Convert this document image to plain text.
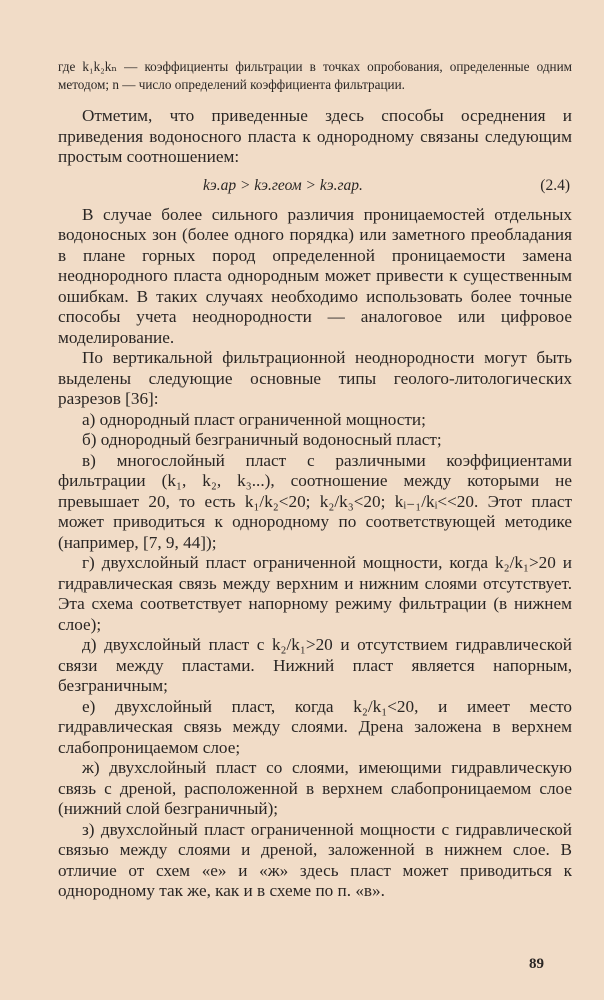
где k₁k₂kₙ — коэффициенты фильтрации в точках опробования, определенные одним методом; n — число определений коэффициента фильтрации.

Отметим, что приведенные здесь способы осреднения и приведения водоносного пласта к однородному связаны следующим простым соотношением:

kэ.ар > kэ.геом > kэ.гар.	(2.4)

В случае более сильного различия проницаемостей отдельных водоносных зон (более одного порядка) или заметного преобладания в плане горных пород определенной проницаемости замена неоднородного пласта однородным может привести к существенным ошибкам. В таких случаях необходимо использовать более точные способы учета неоднородности — аналоговое или цифровое моделирование.

По вертикальной фильтрационной неоднородности могут быть выделены следующие основные типы геолого-литологических разрезов [36]:

а) однородный пласт ограниченной мощности;

б) однородный безграничный водоносный пласт;

в) многослойный пласт с различными коэффициентами фильтрации (k₁, k₂, k₃...), соотношение между которыми не превышает 20, то есть k₁/k₂<20; k₂/k₃<20; kᵢ₋₁/kᵢ<<20. Этот пласт может приводиться к однородному по соответствующей методике (например, [7, 9, 44]);

г) двухслойный пласт ограниченной мощности, когда k₂/k₁>20 и гидравлическая связь между верхним и нижним слоями отсутствует. Эта схема соответствует напорному режиму фильтрации (в нижнем слое);

д) двухслойный пласт с k₂/k₁>20 и отсутствием гидравлической связи между пластами. Нижний пласт является напорным, безграничным;

е) двухслойный пласт, когда k₂/k₁<20, и имеет место гидравлическая связь между слоями. Дрена заложена в верхнем слабопроницаемом слое;

ж) двухслойный пласт со слоями, имеющими гидравлическую связь с дреной, расположенной в верхнем слабопроницаемом слое (нижний слой безграничный);

з) двухслойный пласт ограниченной мощности с гидравлической связью между слоями и дреной, заложенной в нижнем слое. В отличие от схем «е» и «ж» здесь пласт может приводиться к однородному так же, как и в схеме по п. «в».

89
